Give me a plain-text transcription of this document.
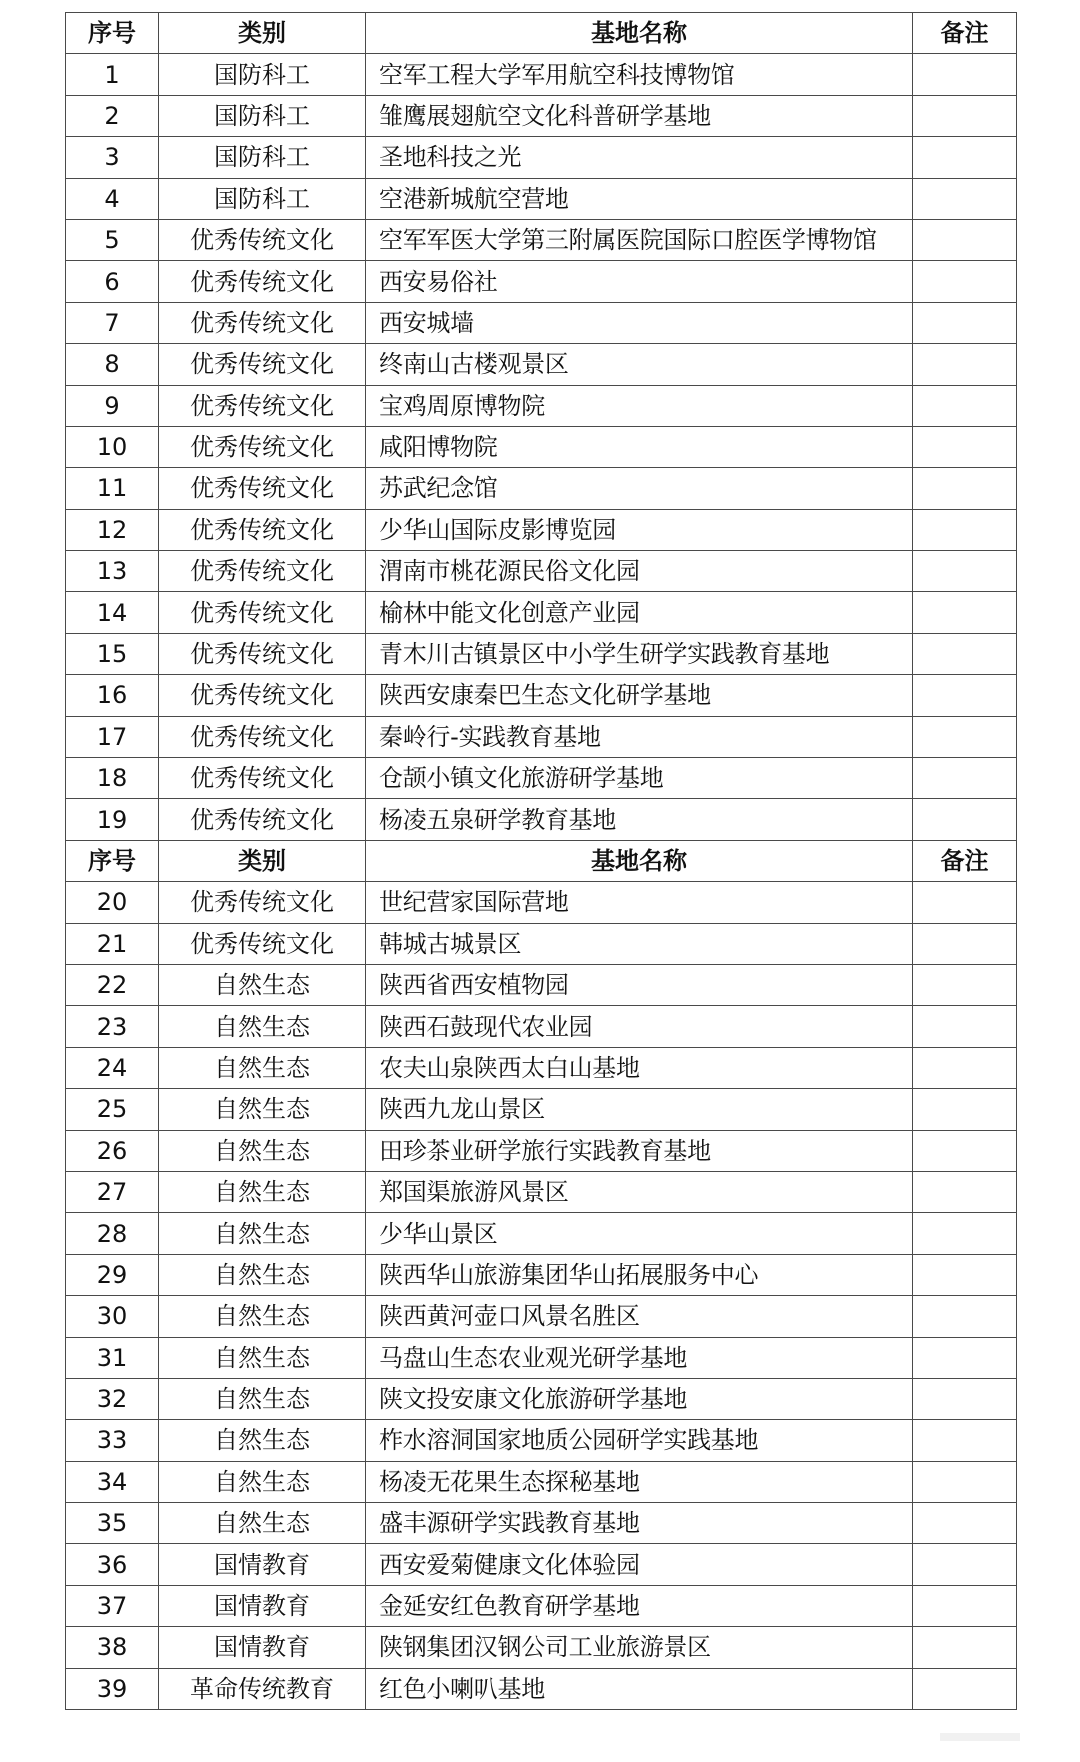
序号	类别	基地名称	备注
1	国防科工	空军工程大学军用航空科技博物馆	
2	国防科工	雏鹰展翅航空文化科普研学基地	
3	国防科工	圣地科技之光	
4	国防科工	空港新城航空营地	
5	优秀传统文化	空军军医大学第三附属医院国际口腔医学博物馆	
6	优秀传统文化	西安易俗社	
7	优秀传统文化	西安城墙	
8	优秀传统文化	终南山古楼观景区	
9	优秀传统文化	宝鸡周原博物院	
10	优秀传统文化	咸阳博物院	
11	优秀传统文化	苏武纪念馆	
12	优秀传统文化	少华山国际皮影博览园	
13	优秀传统文化	渭南市桃花源民俗文化园	
14	优秀传统文化	榆林中能文化创意产业园	
15	优秀传统文化	青木川古镇景区中小学生研学实践教育基地	
16	优秀传统文化	陕西安康秦巴生态文化研学基地	
17	优秀传统文化	秦岭行-实践教育基地	
18	优秀传统文化	仓颉小镇文化旅游研学基地	
19	优秀传统文化	杨凌五泉研学教育基地	
序号	类别	基地名称	备注
20	优秀传统文化	世纪营家国际营地	
21	优秀传统文化	韩城古城景区	
22	自然生态	陕西省西安植物园	
23	自然生态	陕西石鼓现代农业园	
24	自然生态	农夫山泉陕西太白山基地	
25	自然生态	陕西九龙山景区	
26	自然生态	田珍茶业研学旅行实践教育基地	
27	自然生态	郑国渠旅游风景区	
28	自然生态	少华山景区	
29	自然生态	陕西华山旅游集团华山拓展服务中心	
30	自然生态	陕西黄河壶口风景名胜区	
31	自然生态	马盘山生态农业观光研学基地	
32	自然生态	陕文投安康文化旅游研学基地	
33	自然生态	柞水溶洞国家地质公园研学实践基地	
34	自然生态	杨凌无花果生态探秘基地	
35	自然生态	盛丰源研学实践教育基地	
36	国情教育	西安爱菊健康文化体验园	
37	国情教育	金延安红色教育研学基地	
38	国情教育	陕钢集团汉钢公司工业旅游景区	
39	革命传统教育	红色小喇叭基地	
